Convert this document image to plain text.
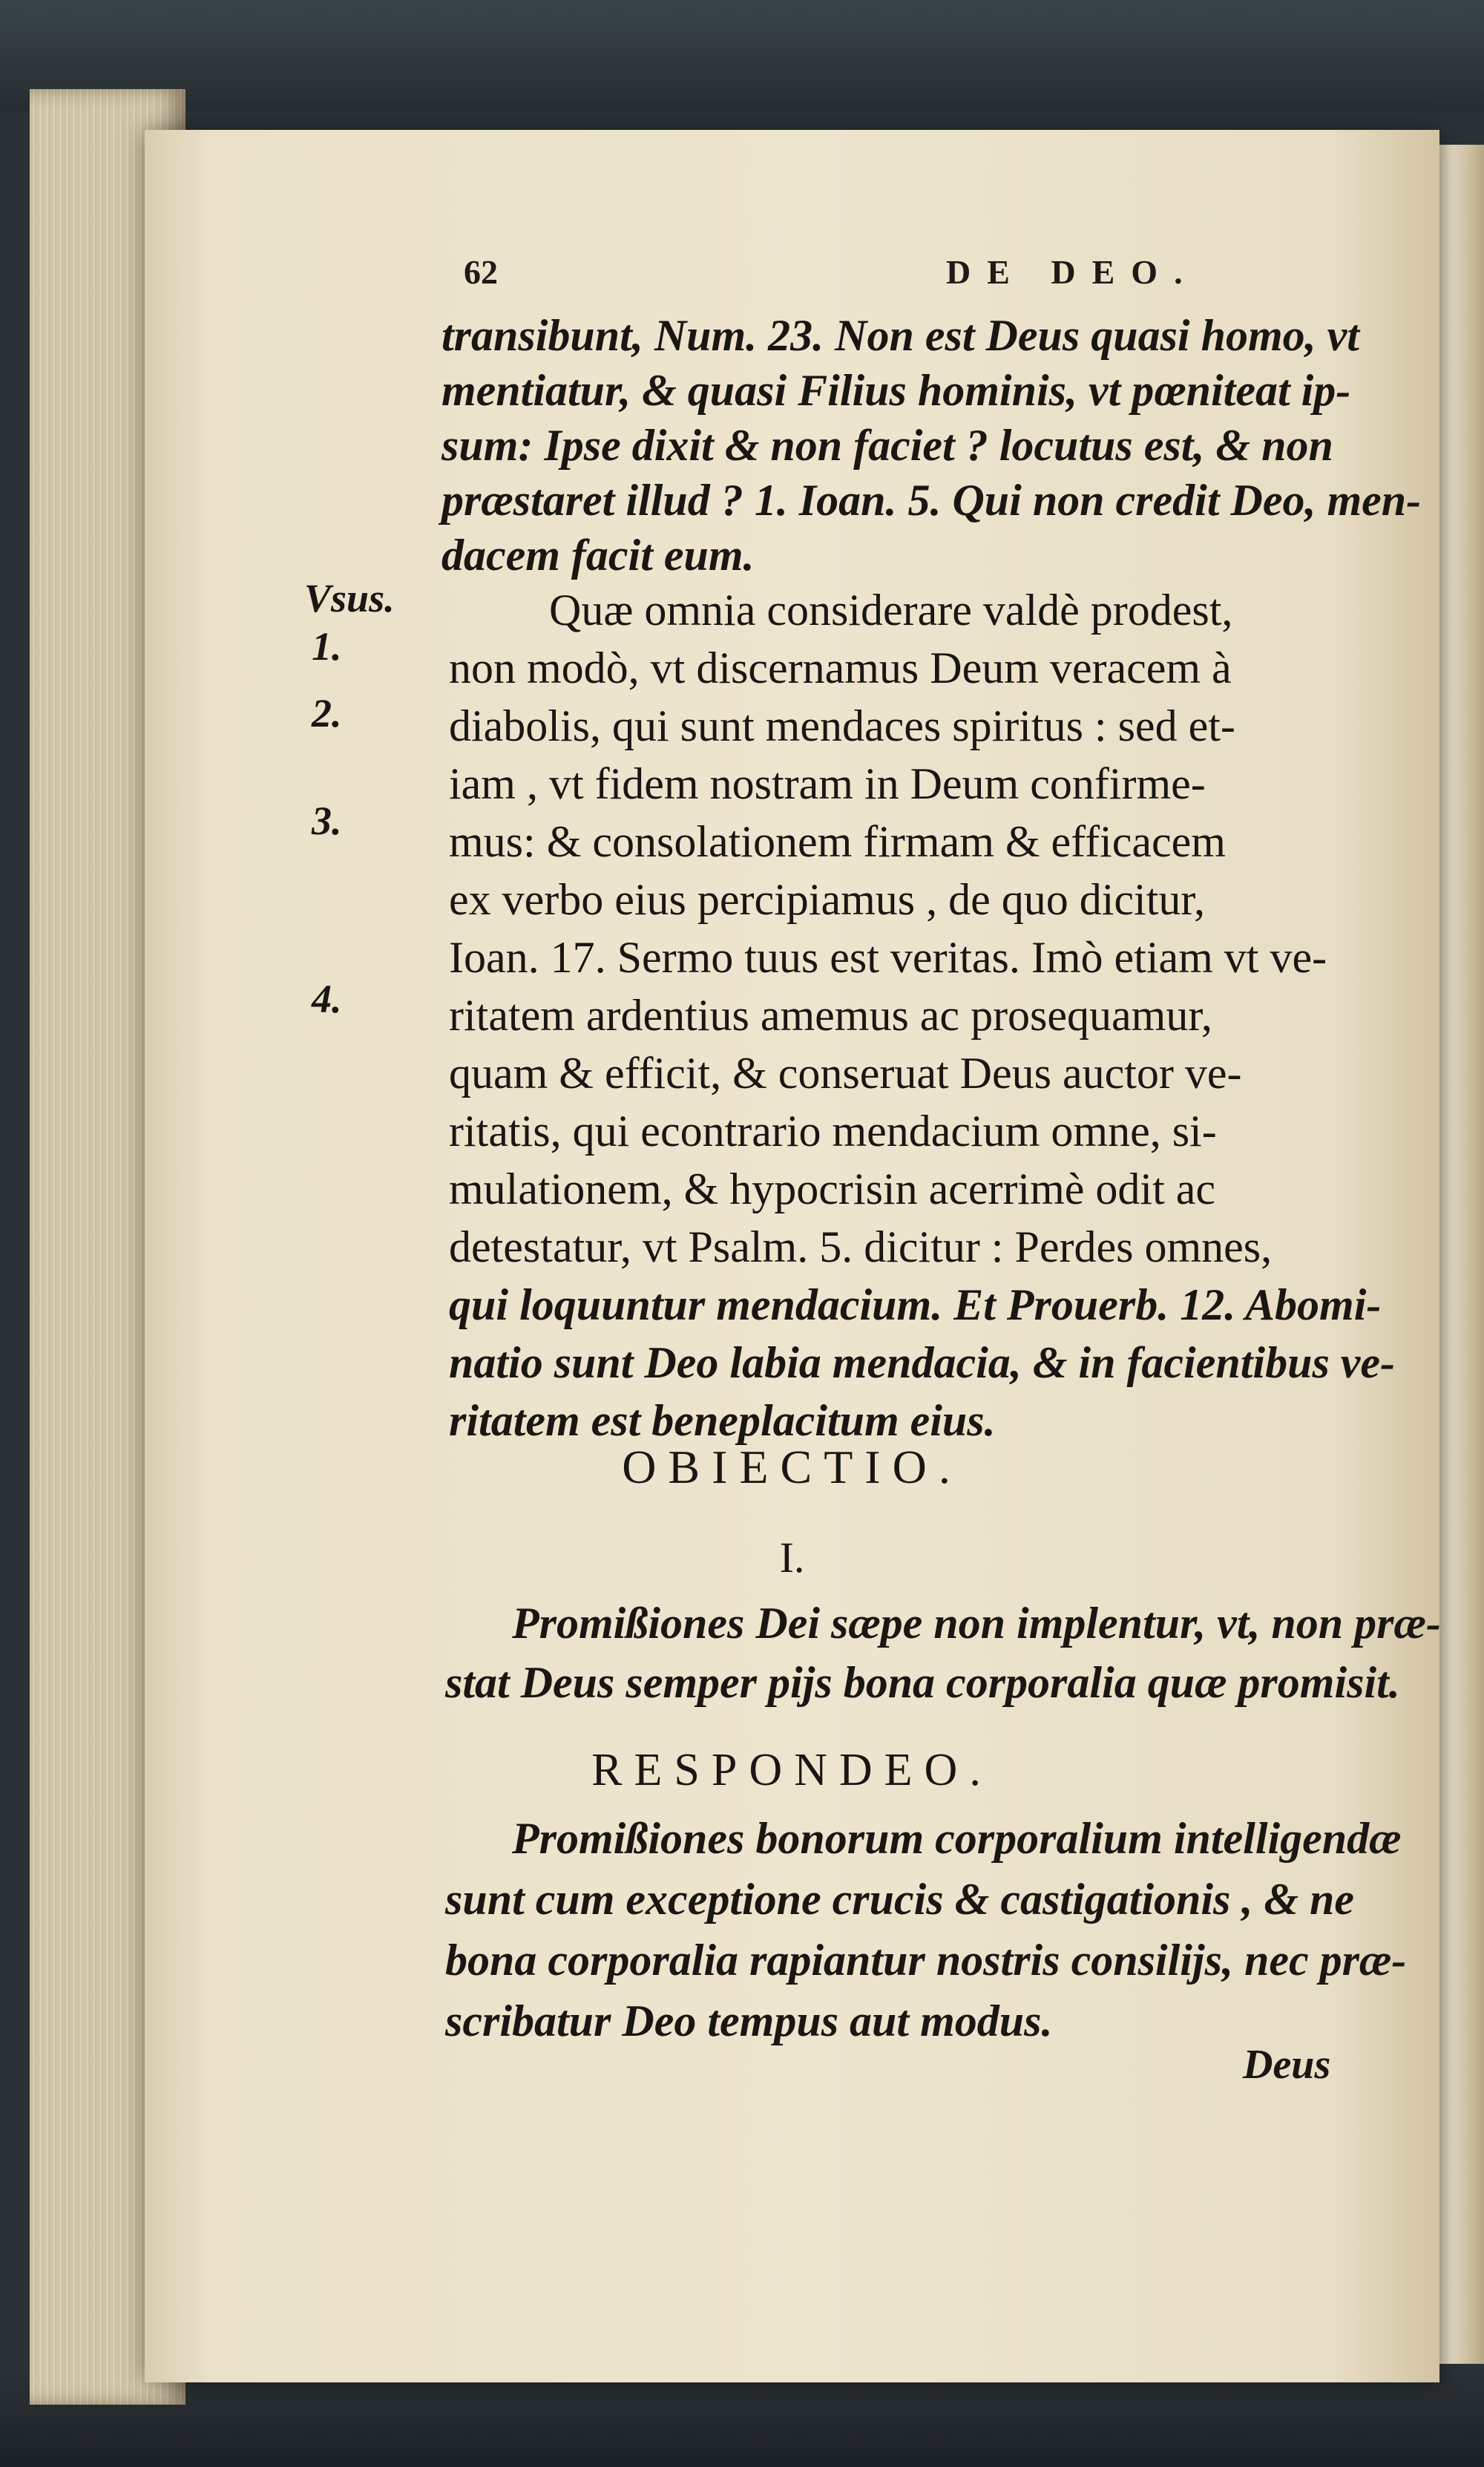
62	DE DEO.
Vsus.
1.
2.
3.
4.
transibunt, Num. 23. Non est Deus quasi homo, vt
mentiatur, & quasi Filius hominis, vt pœniteat ip-
sum: Ipse dixit & non faciet ? locutus est, & non
præstaret illud ? 1. Ioan. 5. Qui non credit Deo, men-
dacem facit eum.
Quæ omnia considerare valdè prodest,
non modò, vt discernamus Deum veracem à
diabolis, qui sunt mendaces spiritus : sed et-
iam , vt fidem nostram in Deum confirme-
mus: & consolationem firmam & efficacem
ex verbo eius percipiamus , de quo dicitur,
Ioan. 17. Sermo tuus est veritas. Imò etiam vt ve-
ritatem ardentius amemus ac prosequamur,
quam & efficit, & conseruat Deus auctor ve-
ritatis, qui econtrario mendacium omne, si-
mulationem, & hypocrisin acerrimè odit ac
detestatur, vt Psalm. 5. dicitur : Perdes omnes,
qui loquuntur mendacium. Et Prouerb. 12. Abomi-
natio sunt Deo labia mendacia, & in facientibus ve-
ritatem est beneplacitum eius.
OBIECTIO.
I.
Promißiones Dei sæpe non implentur, vt, non præ-
stat Deus semper pijs bona corporalia quæ promisit.
RESPONDEO.
Promißiones bonorum corporalium intelligendæ
sunt cum exceptione crucis & castigationis , & ne
bona corporalia rapiantur nostris consilijs, nec præ-
scribatur Deo tempus aut modus.
Deus
